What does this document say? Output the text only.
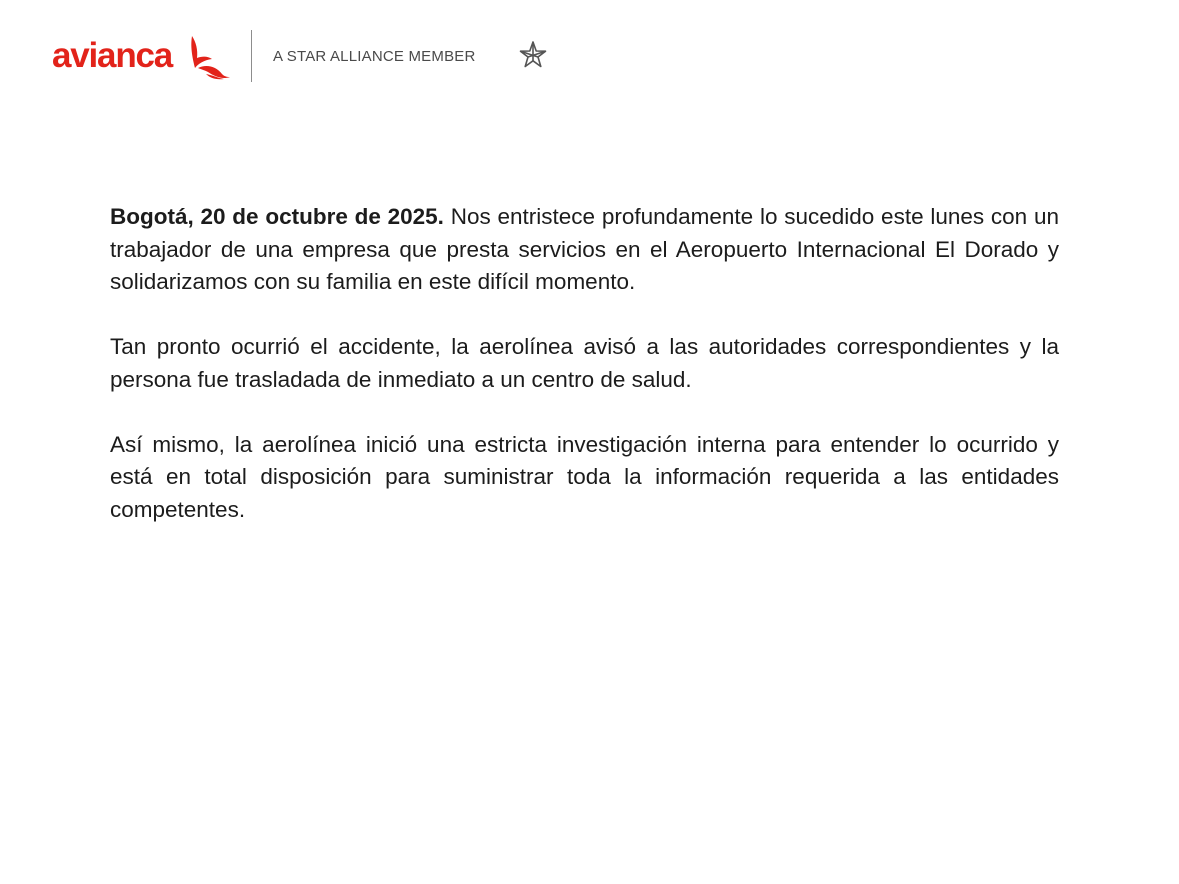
avianca	A STAR ALLIANCE MEMBER

Bogotá, 20 de octubre de 2025. Nos entristece profundamente lo sucedido este lunes con un trabajador de una empresa que presta servicios en el Aeropuerto Internacional El Dorado y solidarizamos con su familia en este difícil momento.

Tan pronto ocurrió el accidente, la aerolínea avisó a las autoridades correspondientes y la persona fue trasladada de inmediato a un centro de salud.

Así mismo, la aerolínea inició una estricta investigación interna para entender lo ocurrido y está en total disposición para suministrar toda la información requerida a las entidades competentes.
